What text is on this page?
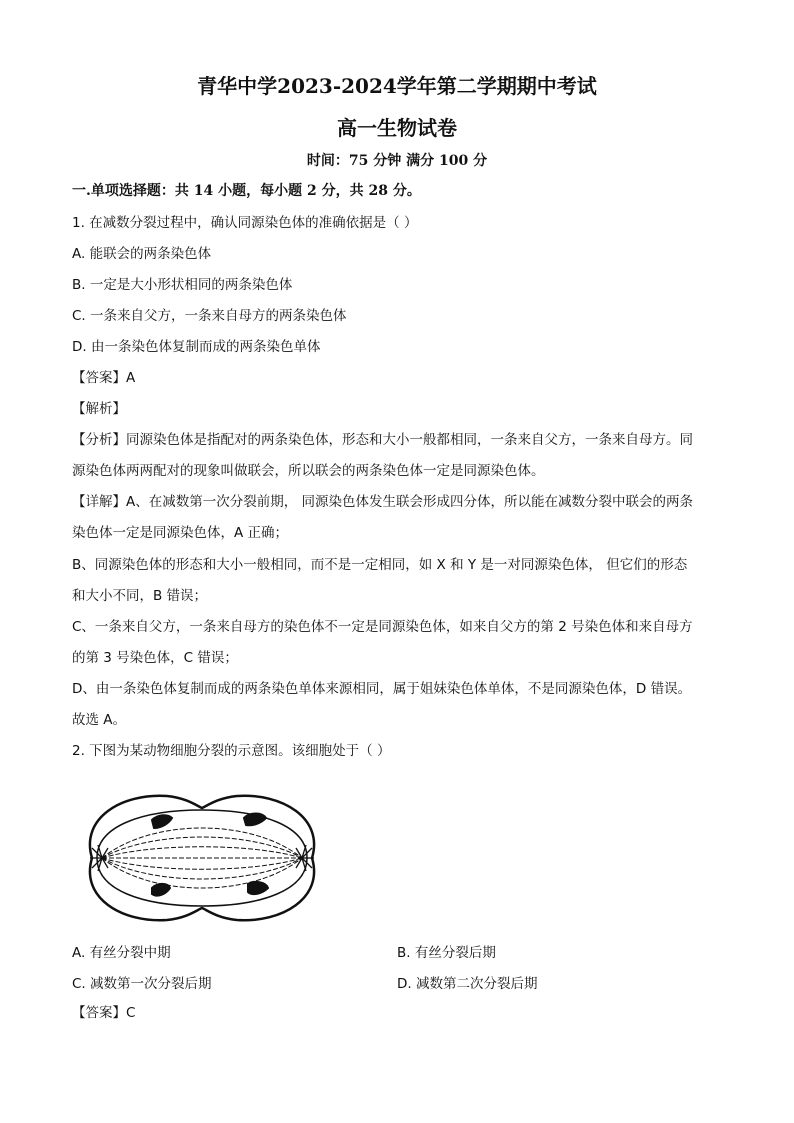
青华中学2023-2024学年第二学期期中考试
高一生物试卷
时间：75 分钟 满分 100 分
一.单项选择题：共 14 小题，每小题 2 分，共 28 分。
1. 在减数分裂过程中，确认同源染色体的准确依据是（ ）
A. 能联会的两条染色体
B. 一定是大小形状相同的两条染色体
C. 一条来自父方，一条来自母方的两条染色体
D. 由一条染色体复制而成的两条染色单体
【答案】A
【解析】
【分析】同源染色体是指配对的两条染色体，形态和大小一般都相同，一条来自父方，一条来自母方。同
源染色体两两配对的现象叫做联会，所以联会的两条染色体一定是同源染色体。
【详解】A、在减数第一次分裂前期， 同源染色体发生联会形成四分体，所以能在减数分裂中联会的两条
染色体一定是同源染色体，A 正确；
B、同源染色体的形态和大小一般相同，而不是一定相同，如 X 和 Y 是一对同源染色体， 但它们的形态
和大小不同，B 错误；
C、一条来自父方，一条来自母方的染色体不一定是同源染色体，如来自父方的第 2 号染色体和来自母方
的第 3 号染色体，C 错误；
D、由一条染色体复制而成的两条染色单体来源相同，属于姐妹染色体单体，不是同源染色体，D 错误。
故选 A。
2. 下图为某动物细胞分裂的示意图。该细胞处于（ ）
A. 有丝分裂中期	B. 有丝分裂后期
C. 减数第一次分裂后期	D. 减数第二次分裂后期
【答案】C
